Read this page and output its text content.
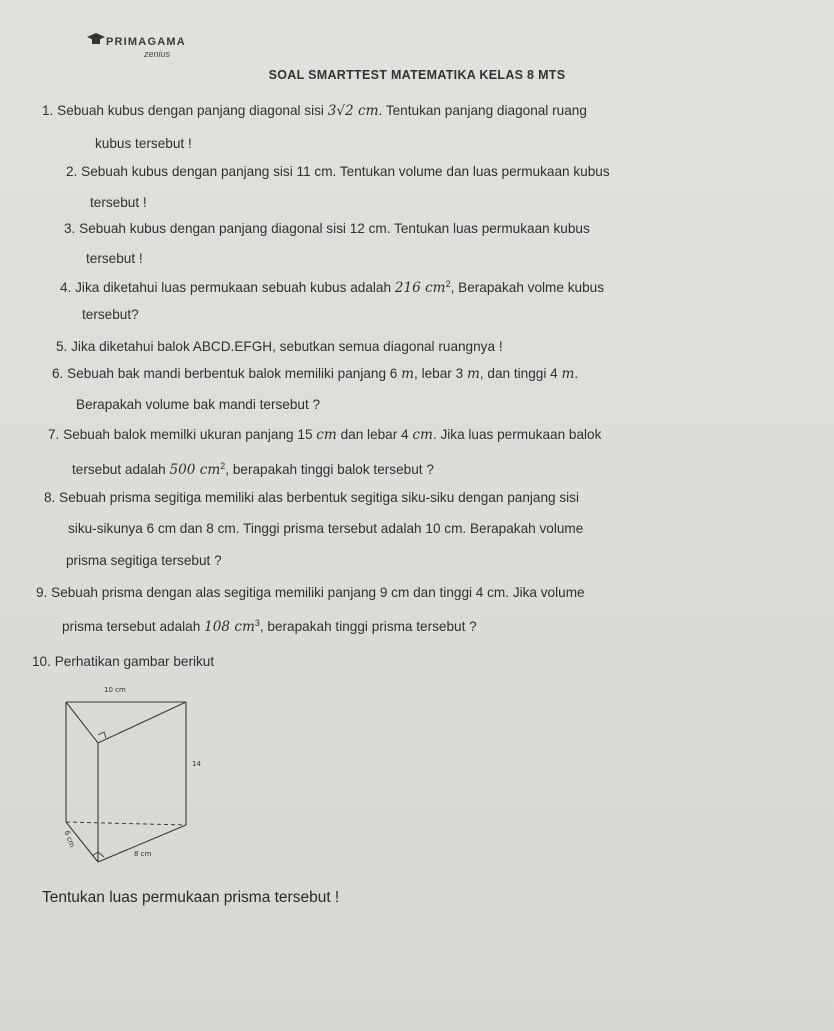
PRIMAGAMA
zenius
SOAL SMARTTEST MATEMATIKA KELAS 8 MTS
1. Sebuah kubus dengan panjang diagonal sisi 3√2 cm. Tentukan panjang diagonal ruang
kubus tersebut !
2. Sebuah kubus dengan panjang sisi 11 cm. Tentukan volume dan luas permukaan kubus
tersebut !
3. Sebuah kubus dengan panjang diagonal sisi 12 cm. Tentukan luas permukaan kubus
tersebut !
4. Jika diketahui luas permukaan sebuah kubus adalah 216 $cm^2$, Berapakah volme kubus
tersebut?
5. Jika diketahui balok ABCD.EFGH, sebutkan semua diagonal ruangnya !
6. Sebuah bak mandi berbentuk balok memiliki panjang 6 m, lebar 3 m, dan tinggi 4 m.
Berapakah volume bak mandi tersebut ?
7. Sebuah balok memilki ukuran panjang 15 cm dan lebar 4 cm. Jika luas permukaan balok
tersebut adalah 500 $cm^2$, berapakah tinggi balok tersebut ?
8. Sebuah prisma segitiga memiliki alas berbentuk segitiga siku-siku dengan panjang sisi
siku-sikunya 6 cm dan 8 cm. Tinggi prisma tersebut adalah 10 cm. Berapakah volume
prisma segitiga tersebut ?
9. Sebuah prisma dengan alas segitiga memiliki panjang 9 cm dan tinggi 4 cm. Jika volume
prisma tersebut adalah 108 $cm^3$, berapakah tinggi prisma tersebut ?
10. Perhatikan gambar berikut
10 cm
14
6 cm
8 cm
Tentukan luas permukaan prisma tersebut !
